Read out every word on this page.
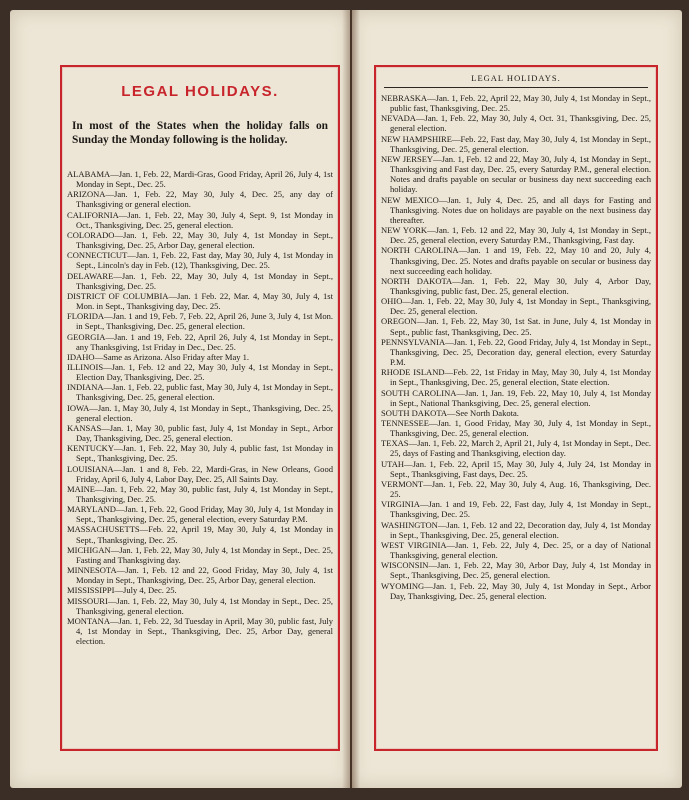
LEGAL HOLIDAYS.
In most of the States when the holiday falls on Sunday the Monday following is the holiday.

ALABAMA—Jan. 1, Feb. 22, Mardi-Gras, Good Friday, April 26, July 4, 1st Monday in Sept., Dec. 25.

ARIZONA—Jan. 1, Feb. 22, May 30, July 4, Dec. 25, any day of Thanksgiving or general election.

CALIFORNIA—Jan. 1, Feb. 22, May 30, July 4, Sept. 9, 1st Monday in Oct., Thanksgiving, Dec. 25, general election.

COLORADO—Jan. 1, Feb. 22, May 30, July 4, 1st Monday in Sept., Thanksgiving, Dec. 25, Arbor Day, general election.

CONNECTICUT—Jan. 1, Feb. 22, Fast day, May 30, July 4, 1st Monday in Sept., Lincoln's day in Feb. (12), Thanksgiving, Dec. 25.

DELAWARE—Jan. 1, Feb. 22, May 30, July 4, 1st Monday in Sept., Thanksgiving, Dec. 25.

DISTRICT OF COLUMBIA—Jan. 1 Feb. 22, Mar. 4, May 30, July 4, 1st Mon. in Sept., Thanksgiving day, Dec. 25.

FLORIDA—Jan. 1 and 19, Feb. 7, Feb. 22, April 26, June 3, July 4, 1st Mon. in Sept., Thanksgiving, Dec. 25, general election.

GEORGIA—Jan. 1 and 19, Feb. 22, April 26, July 4, 1st Monday in Sept., any Thanksgiving, 1st Friday in Dec., Dec. 25.

IDAHO—Same as Arizona. Also Friday after May 1.

ILLINOIS—Jan. 1, Feb. 12 and 22, May 30, July 4, 1st Monday in Sept., Election Day, Thanksgiving, Dec. 25.

INDIANA—Jan. 1, Feb. 22, public fast, May 30, July 4, 1st Monday in Sept., Thanksgiving, Dec. 25, general election.

IOWA—Jan. 1, May 30, July 4, 1st Monday in Sept., Thanksgiving, Dec. 25, general election.

KANSAS—Jan. 1, May 30, public fast, July 4, 1st Monday in Sept., Arbor Day, Thanksgiving, Dec. 25, general election.

KENTUCKY—Jan. 1, Feb. 22, May 30, July 4, public fast, 1st Monday in Sept., Thanksgiving, Dec. 25.

LOUISIANA—Jan. 1 and 8, Feb. 22, Mardi-Gras, in New Orleans, Good Friday, April 6, July 4, Labor Day, Dec. 25, All Saints Day.

MAINE—Jan. 1, Feb. 22, May 30, public fast, July 4, 1st Monday in Sept., Thanksgiving, Dec. 25.

MARYLAND—Jan. 1, Feb. 22, Good Friday, May 30, July 4, 1st Monday in Sept., Thanksgiving, Dec. 25, general election, every Saturday P.M.

MASSACHUSETTS—Feb. 22, April 19, May 30, July 4, 1st Monday in Sept., Thanksgiving, Dec. 25.

MICHIGAN—Jan. 1, Feb. 22, May 30, July 4, 1st Monday in Sept., Dec. 25, Fasting and Thanksgiving day.

MINNESOTA—Jan. 1, Feb. 12 and 22, Good Friday, May 30, July 4, 1st Monday in Sept., Thanksgiving, Dec. 25, Arbor Day, general election.

MISSISSIPPI—July 4, Dec. 25.

MISSOURI—Jan. 1, Feb. 22, May 30, July 4, 1st Monday in Sept., Dec. 25, Thanksgiving, general election.

MONTANA—Jan. 1, Feb. 22, 3d Tuesday in April, May 30, public fast, July 4, 1st Monday in Sept., Thanksgiving, Dec. 25, Arbor Day, general election.

LEGAL HOLIDAYS.

NEBRASKA—Jan. 1, Feb. 22, April 22, May 30, July 4, 1st Monday in Sept., public fast, Thanksgiving, Dec. 25.

NEVADA—Jan. 1, Feb. 22, May 30, July 4, Oct. 31, Thanksgiving, Dec. 25, general election.

NEW HAMPSHIRE—Feb. 22, Fast day, May 30, July 4, 1st Monday in Sept., Thanksgiving, Dec. 25, general election.

NEW JERSEY—Jan. 1, Feb. 12 and 22, May 30, July 4, 1st Monday in Sept., Thanksgiving and Fast day, Dec. 25, every Saturday P.M., general election. Notes and drafts payable on secular or business day next succeeding each holiday.

NEW MEXICO—Jan. 1, July 4, Dec. 25, and all days for Fasting and Thanksgiving. Notes due on holidays are payable on the next business day thereafter.

NEW YORK—Jan. 1, Feb. 12 and 22, May 30, July 4, 1st Monday in Sept., Dec. 25, general election, every Saturday P.M., Thanksgiving, Fast day.

NORTH CAROLINA—Jan. 1 and 19, Feb. 22, May 10 and 20, July 4, Thanksgiving, Dec. 25. Notes and drafts payable on secular or business day next succeeding each holiday.

NORTH DAKOTA—Jan. 1, Feb. 22, May 30, July 4, Arbor Day, Thanksgiving, public fast, Dec. 25, general election.

OHIO—Jan. 1, Feb. 22, May 30, July 4, 1st Monday in Sept., Thanksgiving, Dec. 25, general election.

OREGON—Jan. 1, Feb. 22, May 30, 1st Sat. in June, July 4, 1st Monday in Sept., public fast, Thanksgiving, Dec. 25.

PENNSYLVANIA—Jan. 1, Feb. 22, Good Friday, July 4, 1st Monday in Sept., Thanksgiving, Dec. 25, Decoration day, general election, every Saturday P.M.

RHODE ISLAND—Feb. 22, 1st Friday in May, May 30, July 4, 1st Monday in Sept., Thanksgiving, Dec. 25, general election, State election.

SOUTH CAROLINA—Jan. 1, Jan. 19, Feb. 22, May 10, July 4, 1st Monday in Sept., National Thanksgiving, Dec. 25, general election.

SOUTH DAKOTA—See North Dakota.

TENNESSEE—Jan. 1, Good Friday, May 30, July 4, 1st Monday in Sept., Thanksgiving, Dec. 25, general election.

TEXAS—Jan. 1, Feb. 22, March 2, April 21, July 4, 1st Monday in Sept., Dec. 25, days of Fasting and Thanksgiving, election day.

UTAH—Jan. 1, Feb. 22, April 15, May 30, July 4, July 24, 1st Monday in Sept., Thanksgiving, Fast days, Dec. 25.

VERMONT—Jan. 1, Feb. 22, May 30, July 4, Aug. 16, Thanksgiving, Dec. 25.

VIRGINIA—Jan. 1 and 19, Feb. 22, Fast day, July 4, 1st Monday in Sept., Thanksgiving, Dec. 25.

WASHINGTON—Jan. 1, Feb. 12 and 22, Decoration day, July 4, 1st Monday in Sept., Thanksgiving, Dec. 25, general election.

WEST VIRGINIA—Jan. 1, Feb. 22, July 4, Dec. 25, or a day of National Thanksgiving, general election.

WISCONSIN—Jan. 1, Feb. 22, May 30, Arbor Day, July 4, 1st Monday in Sept., Thanksgiving, Dec. 25, general election.

WYOMING—Jan. 1, Feb. 22, May 30, July 4, 1st Monday in Sept., Arbor Day, Thanksgiving, Dec. 25, general election.
